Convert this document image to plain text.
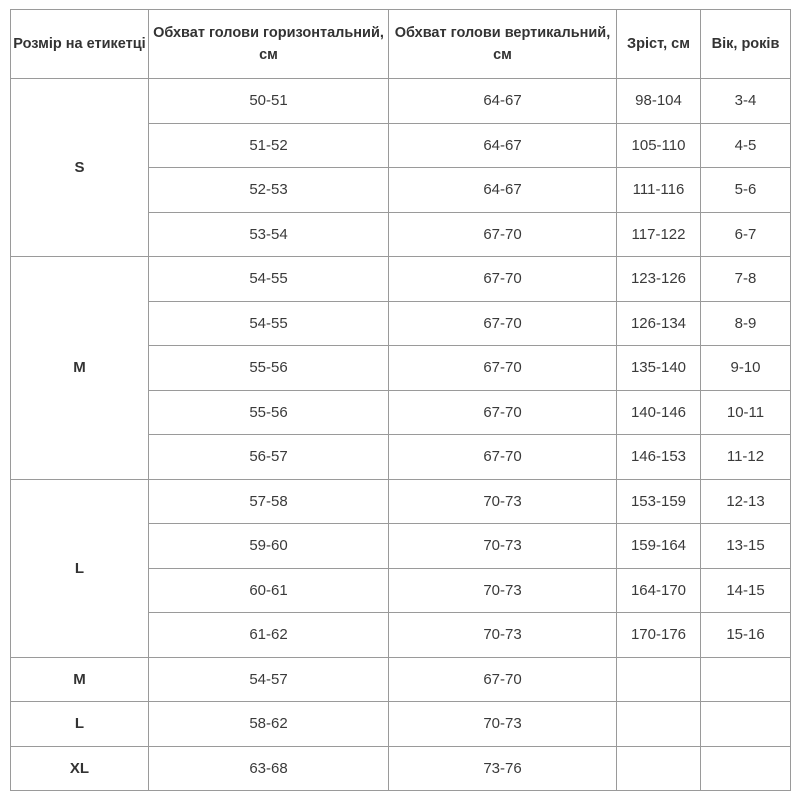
Розмір на етикетці	Обхват голови горизонтальний, см	Обхват голови вертикальний, см	Зріст, см	Вік, років
S	50-51	64-67	98-104	3-4
	51-52	64-67	105-110	4-5
	52-53	64-67	111-116	5-6
	53-54	67-70	117-122	6-7
M	54-55	67-70	123-126	7-8
	54-55	67-70	126-134	8-9
	55-56	67-70	135-140	9-10
	55-56	67-70	140-146	10-11
	56-57	67-70	146-153	11-12
L	57-58	70-73	153-159	12-13
	59-60	70-73	159-164	13-15
	60-61	70-73	164-170	14-15
	61-62	70-73	170-176	15-16
M	54-57	67-70		
L	58-62	70-73		
XL	63-68	73-76		
